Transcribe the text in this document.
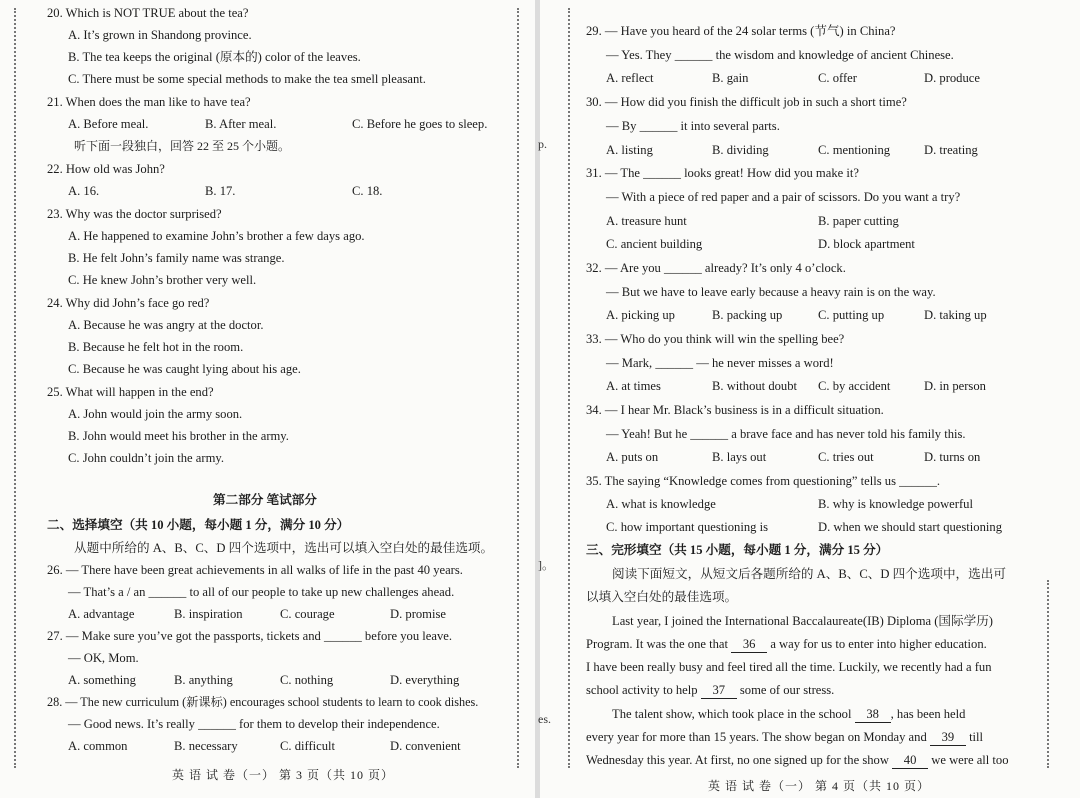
20. Which is NOT TRUE about the tea?
A. It’s grown in Shandong province.
B. The tea keeps the original (原本的) color of the leaves.
C. There must be some special methods to make the tea smell pleasant.
21. When does the man like to have tea?
A. Before meal.	B. After meal.	C. Before he goes to sleep.
听下面一段独白，回答 22 至 25 个小题。
22. How old was John?
A. 16.	B. 17.	C. 18.
23. Why was the doctor surprised?
A. He happened to examine John’s brother a few days ago.
B. He felt John’s family name was strange.
C. He knew John’s brother very well.
24. Why did John’s face go red?
A. Because he was angry at the doctor.
B. Because he felt hot in the room.
C. Because he was caught lying about his age.
25. What will happen in the end?
A. John would join the army soon.
B. John would meet his brother in the army.
C. John couldn’t join the army.
第二部分 笔试部分
二、选择填空（共 10 小题，每小题 1 分，满分 10 分）
从题中所给的 A、B、C、D 四个选项中，选出可以填入空白处的最佳选项。
26. — There have been great achievements in all walks of life in the past 40 years.
— That’s a / an ______ to all of our people to take up new challenges ahead.
A. advantage	B. inspiration	C. courage	D. promise
27. — Make sure you’ve got the passports, tickets and ______ before you leave.
— OK, Mom.
A. something	B. anything	C. nothing	D. everything
28. — The new curriculum (新课标) encourages school students to learn to cook dishes.
— Good news. It’s really ______ for them to develop their independence.
A. common	B. necessary	C. difficult	D. convenient
英 语 试 卷（一） 第 3 页（共 10 页）
p.
]。
es.
29. — Have you heard of the 24 solar terms (节气) in China?
— Yes. They ______ the wisdom and knowledge of ancient Chinese.
A. reflect	B. gain	C. offer	D. produce
30. — How did you finish the difficult job in such a short time?
— By ______ it into several parts.
A. listing	B. dividing	C. mentioning	D. treating
31. — The ______ looks great! How did you make it?
— With a piece of red paper and a pair of scissors. Do you want a try?
A. treasure hunt	B. paper cutting
C. ancient building	D. block apartment
32. — Are you ______ already? It’s only 4 o’clock.
— But we have to leave early because a heavy rain is on the way.
A. picking up	B. packing up	C. putting up	D. taking up
33. — Who do you think will win the spelling bee?
— Mark, ______ — he never misses a word!
A. at times	B. without doubt C. by accident	D. in person
34. — I hear Mr. Black’s business is in a difficult situation.
— Yeah! But he ______ a brave face and has never told his family this.
A. puts on	B. lays out	C. tries out	D. turns on
35. The saying “Knowledge comes from questioning” tells us ______.
A. what is knowledge	B. why is knowledge powerful
C. how important questioning is	D. when we should start questioning
三、完形填空（共 15 小题，每小题 1 分，满分 15 分）
阅读下面短文，从短文后各题所给的 A、B、C、D 四个选项中，选出可
以填入空白处的最佳选项。
Last year, I joined the International Baccalaureate(IB) Diploma (国际学历)
Program. It was the one that 36 a way for us to enter into higher education.
I have been really busy and feel tired all the time. Luckily, we recently had a fun
school activity to help 37 some of our stress.
The talent show, which took place in the school 38 , has been held
every year for more than 15 years. The show began on Monday and 39 till
Wednesday this year. At first, no one signed up for the show 40 we were all too
英 语 试 卷（一） 第 4 页（共 10 页）
